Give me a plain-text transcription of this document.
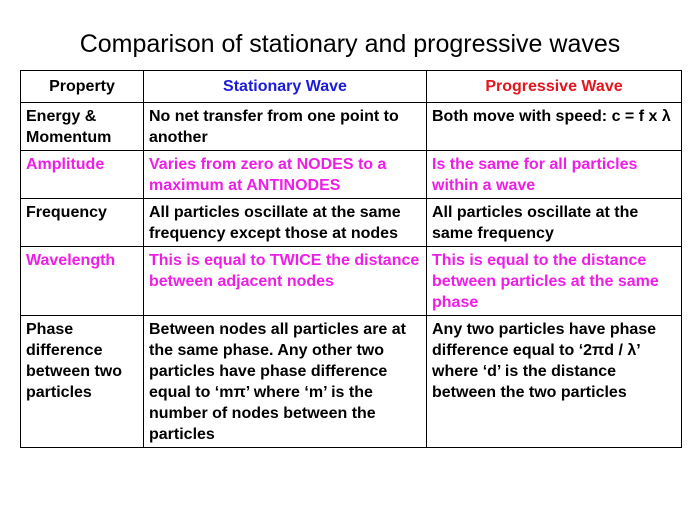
Comparison of stationary and progressive waves
Property	Stationary Wave	Progressive Wave
Energy & Momentum	No net transfer from one point to another	Both move with speed: c = f x λ
Amplitude	Varies from zero at NODES to a maximum at ANTINODES	Is the same for all particles within a wave
Frequency	All particles oscillate at the same frequency except those at nodes	All particles oscillate at the same frequency
Wavelength	This is equal to TWICE the distance between adjacent nodes	This is equal to the distance between particles at the same phase
Phase difference between two particles	Between nodes all particles are at the same phase. Any other two particles have phase difference equal to ‘mπ’ where ‘m’ is the number of nodes between the particles	Any two particles have phase difference equal to ‘2πd / λ’ where ‘d’ is the distance between the two particles
